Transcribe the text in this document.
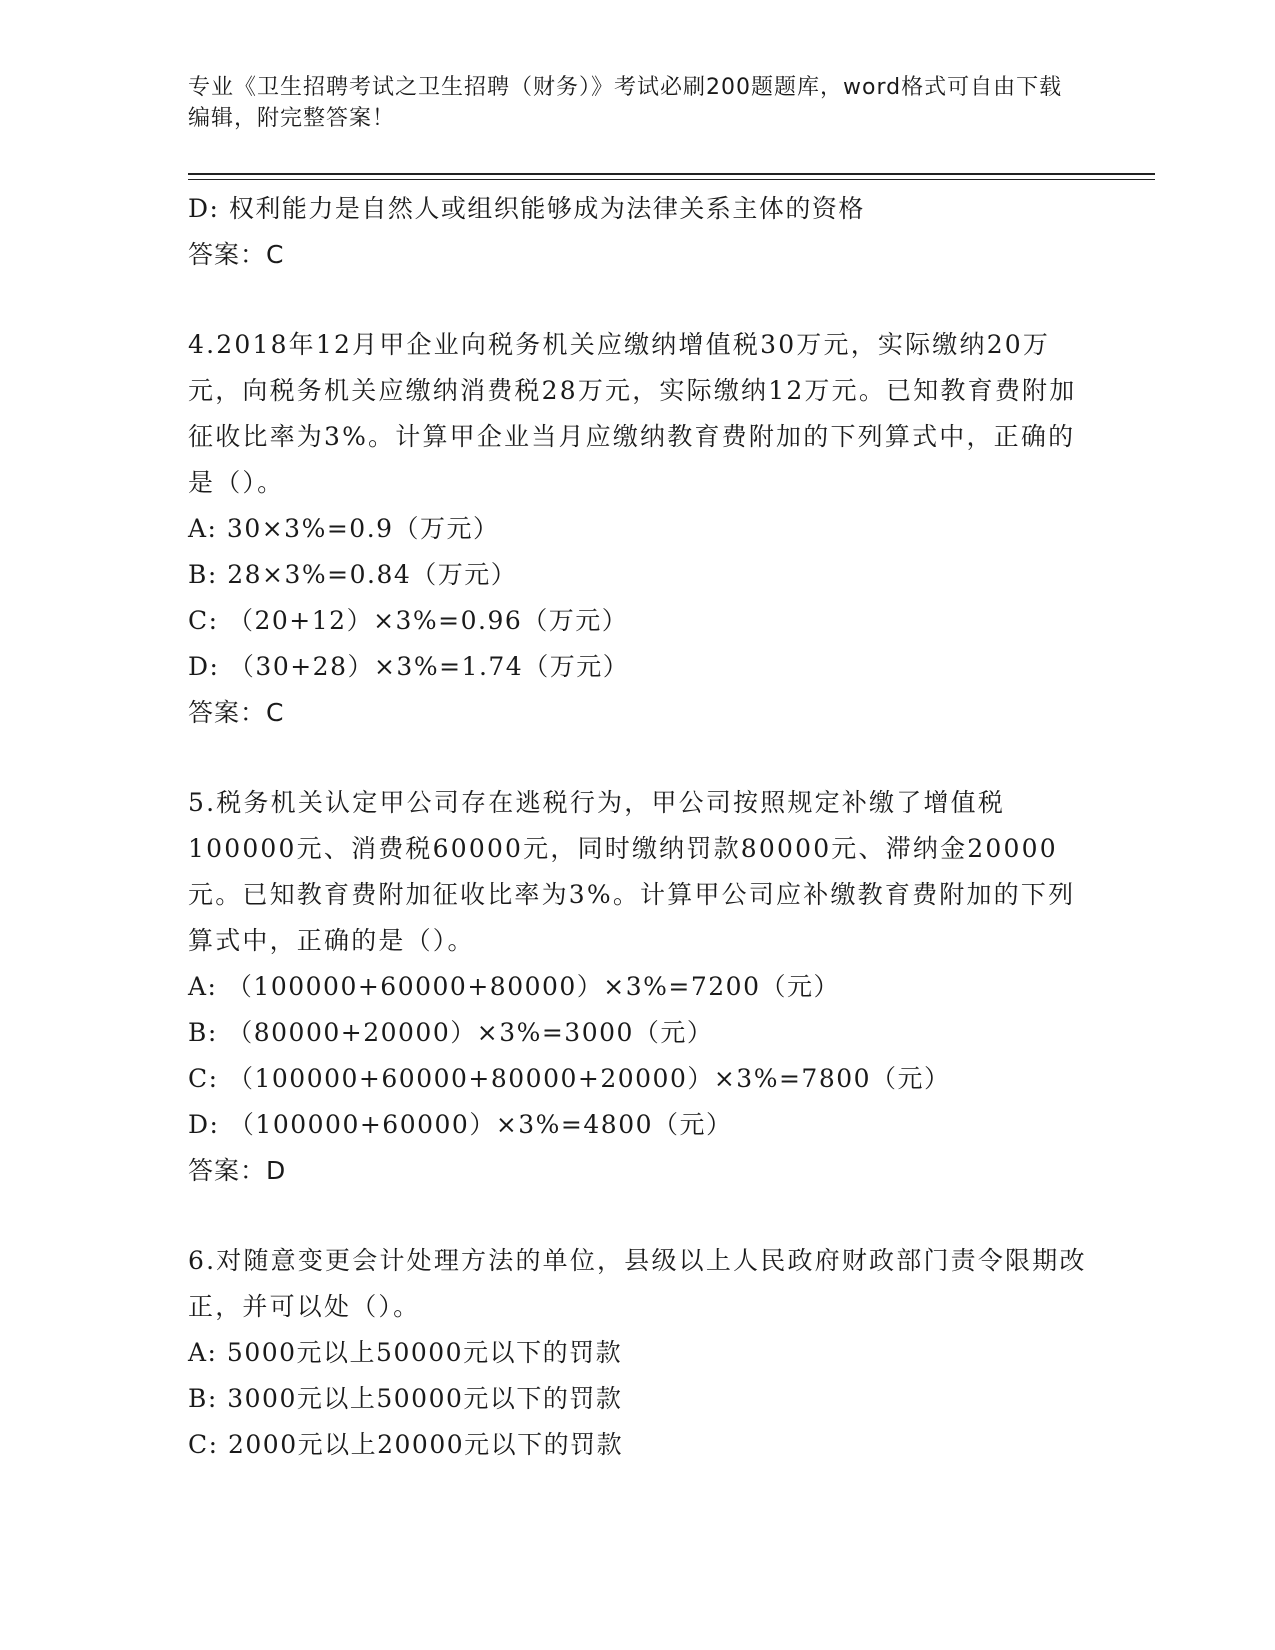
专业《卫生招聘考试之卫生招聘（财务）》考试必刷200题题库，word格式可自由下载编辑，附完整答案！
D: 权利能力是自然人或组织能够成为法律关系主体的资格
答案：C
4.2018年12月甲企业向税务机关应缴纳增值税30万元，实际缴纳20万元，向税务机关应缴纳消费税28万元，实际缴纳12万元。已知教育费附加征收比率为3%。计算甲企业当月应缴纳教育费附加的下列算式中，正确的是（）。
A: 30×3%=0.9（万元）
B: 28×3%=0.84（万元）
C: （20+12）×3%=0.96（万元）
D: （30+28）×3%=1.74（万元）
答案：C
5.税务机关认定甲公司存在逃税行为，甲公司按照规定补缴了增值税100000元、消费税60000元，同时缴纳罚款80000元、滞纳金20000元。已知教育费附加征收比率为3%。计算甲公司应补缴教育费附加的下列算式中，正确的是（）。
A: （100000+60000+80000）×3%=7200（元）
B: （80000+20000）×3%=3000（元）
C: （100000+60000+80000+20000）×3%=7800（元）
D: （100000+60000）×3%=4800（元）
答案：D
6.对随意变更会计处理方法的单位，县级以上人民政府财政部门责令限期改正，并可以处（）。
A: 5000元以上50000元以下的罚款
B: 3000元以上50000元以下的罚款
C: 2000元以上20000元以下的罚款
